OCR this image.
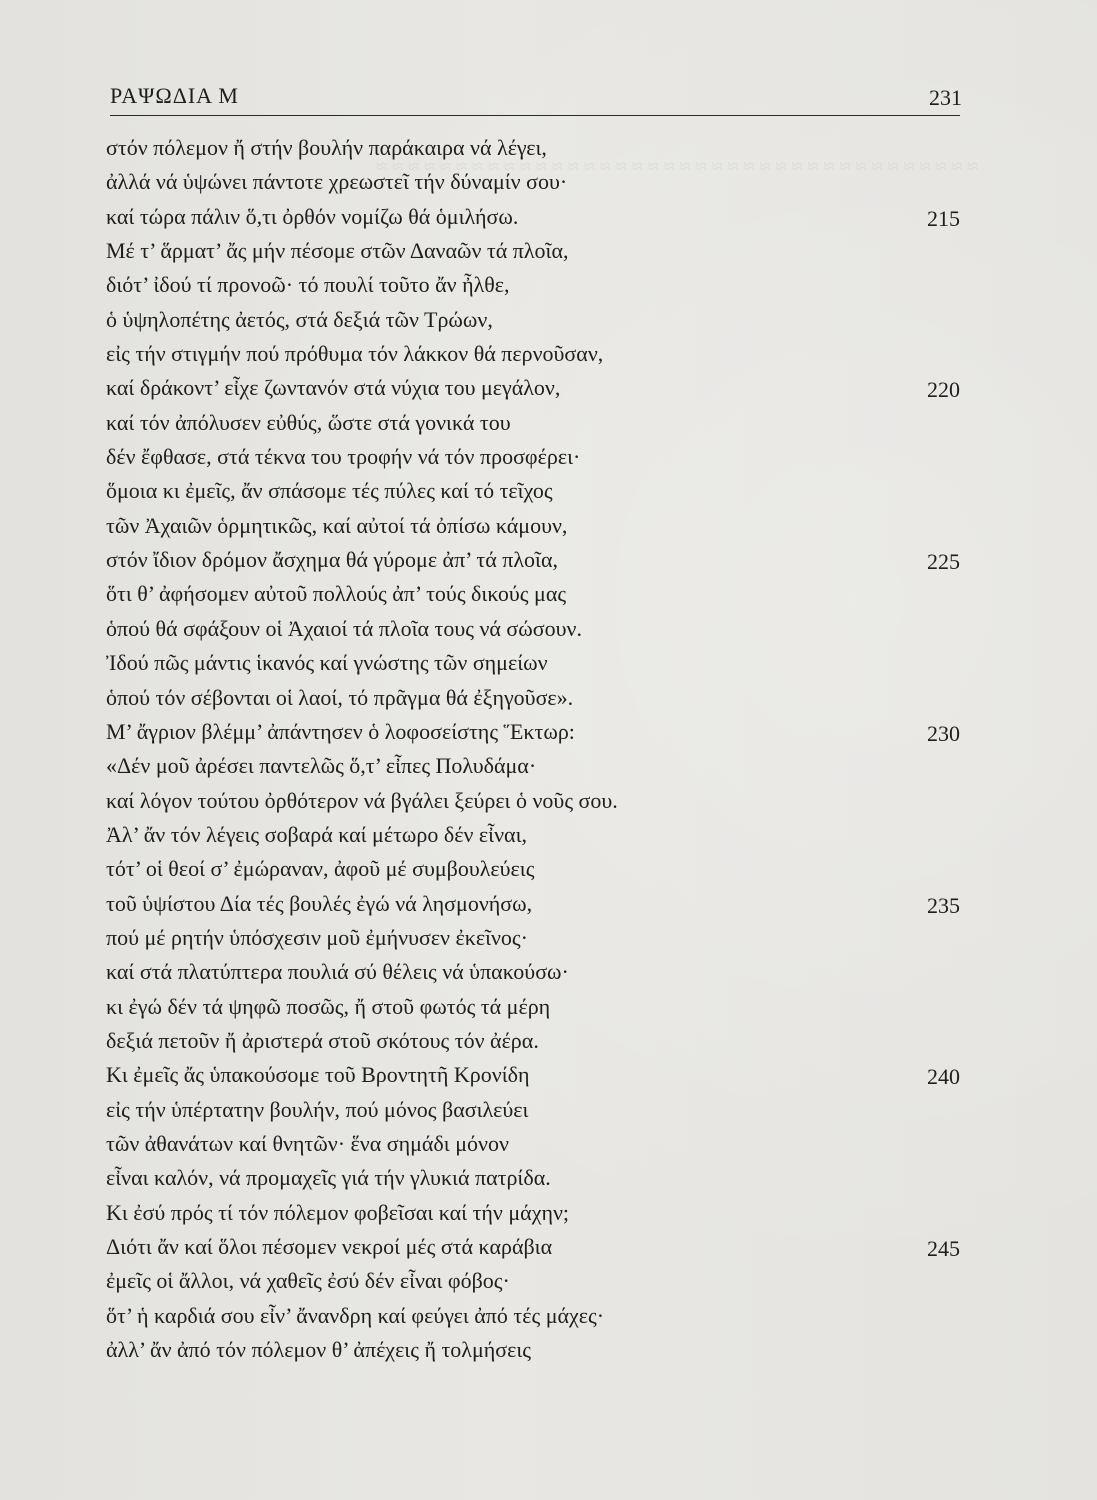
≈ ≈ ≈ ≈ ≈ ≈ ≈ ≈ ≈ ≈ ≈ ≈ ≈ ≈ ≈ ≈ ≈ ≈ ≈ ≈ ≈ ≈ ≈ ≈ ≈ ≈ ≈ ≈ ≈ ≈ ≈ ≈ ≈ ≈ ≈ ≈ ≈ ≈
ΡΑΨΩΔΙΑ Μ	231
στόν πόλεμον ἤ στήν βουλήν παράκαιρα νά λέγει,
ἀλλά νά ὑψώνει πάντοτε χρεωστεῖ τήν δύναμίν σου·
καί τώρα πάλιν ὅ,τι ὀρθόν νομίζω θά ὁμιλήσω.	215
Μέ τ’ ἅρματ’ ἄς μήν πέσομε στῶν Δαναῶν τά πλοῖα,
διότ’ ἰδού τί προνοῶ· τό πουλί τοῦτο ἄν ἦλθε,
ὁ ὑψηλοπέτης ἀετός, στά δεξιά τῶν Τρώων,
εἰς τήν στιγμήν πού πρόθυμα τόν λάκκον θά περνοῦσαν,
καί δράκοντ’ εἶχε ζωντανόν στά νύχια του μεγάλον,	220
καί τόν ἀπόλυσεν εὐθύς, ὥστε στά γονικά του
δέν ἔφθασε, στά τέκνα του τροφήν νά τόν προσφέρει·
ὅμοια κι ἐμεῖς, ἄν σπάσομε τές πύλες καί τό τεῖχος
τῶν Ἀχαιῶν ὁρμητικῶς, καί αὐτοί τά ὀπίσω κάμουν,
στόν ἴδιον δρόμον ἄσχημα θά γύρομε ἀπ’ τά πλοῖα,	225
ὅτι θ’ ἀφήσομεν αὐτοῦ πολλούς ἀπ’ τούς δικούς μας
ὁπού θά σφάξουν οἱ Ἀχαιοί τά πλοῖα τους νά σώσουν.
Ἰδού πῶς μάντις ἱκανός καί γνώστης τῶν σημείων
ὁπού τόν σέβονται οἱ λαοί, τό πρᾶγμα θά ἐξηγοῦσε».
Μ’ ἄγριον βλέμμ’ ἀπάντησεν ὁ λοφοσείστης Ἕκτωρ:	230
«Δέν μοῦ ἀρέσει παντελῶς ὅ,τ’ εἶπες Πολυδάμα·
καί λόγον τούτου ὀρθότερον νά βγάλει ξεύρει ὁ νοῦς σου.
Ἀλ’ ἄν τόν λέγεις σοβαρά καί μέτωρο δέν εἶναι,
τότ’ οἱ θεοί σ’ ἐμώραναν, ἀφοῦ μέ συμβουλεύεις
τοῦ ὑψίστου Δία τές βουλές ἐγώ νά λησμονήσω,	235
πού μέ ρητήν ὑπόσχεσιν μοῦ ἐμήνυσεν ἐκεῖνος·
καί στά πλατύπτερα πουλιά σύ θέλεις νά ὑπακούσω·
κι ἐγώ δέν τά ψηφῶ ποσῶς, ἤ στοῦ φωτός τά μέρη
δεξιά πετοῦν ἤ ἀριστερά στοῦ σκότους τόν ἀέρα.
Κι ἐμεῖς ἄς ὑπακούσομε τοῦ Βροντητῆ Κρονίδη	240
εἰς τήν ὑπέρτατην βουλήν, πού μόνος βασιλεύει
τῶν ἀθανάτων καί θνητῶν· ἕνα σημάδι μόνον
εἶναι καλόν, νά προμαχεῖς γιά τήν γλυκιά πατρίδα.
Κι ἐσύ πρός τί τόν πόλεμον φοβεῖσαι καί τήν μάχην;
Διότι ἄν καί ὅλοι πέσομεν νεκροί μές στά καράβια	245
ἐμεῖς οἱ ἄλλοι, νά χαθεῖς ἐσύ δέν εἶναι φόβος·
ὅτ’ ἡ καρδιά σου εἶν’ ἄνανδρη καί φεύγει ἀπό τές μάχες·
ἀλλ’ ἄν ἀπό τόν πόλεμον θ’ ἀπέχεις ἤ τολμήσεις
